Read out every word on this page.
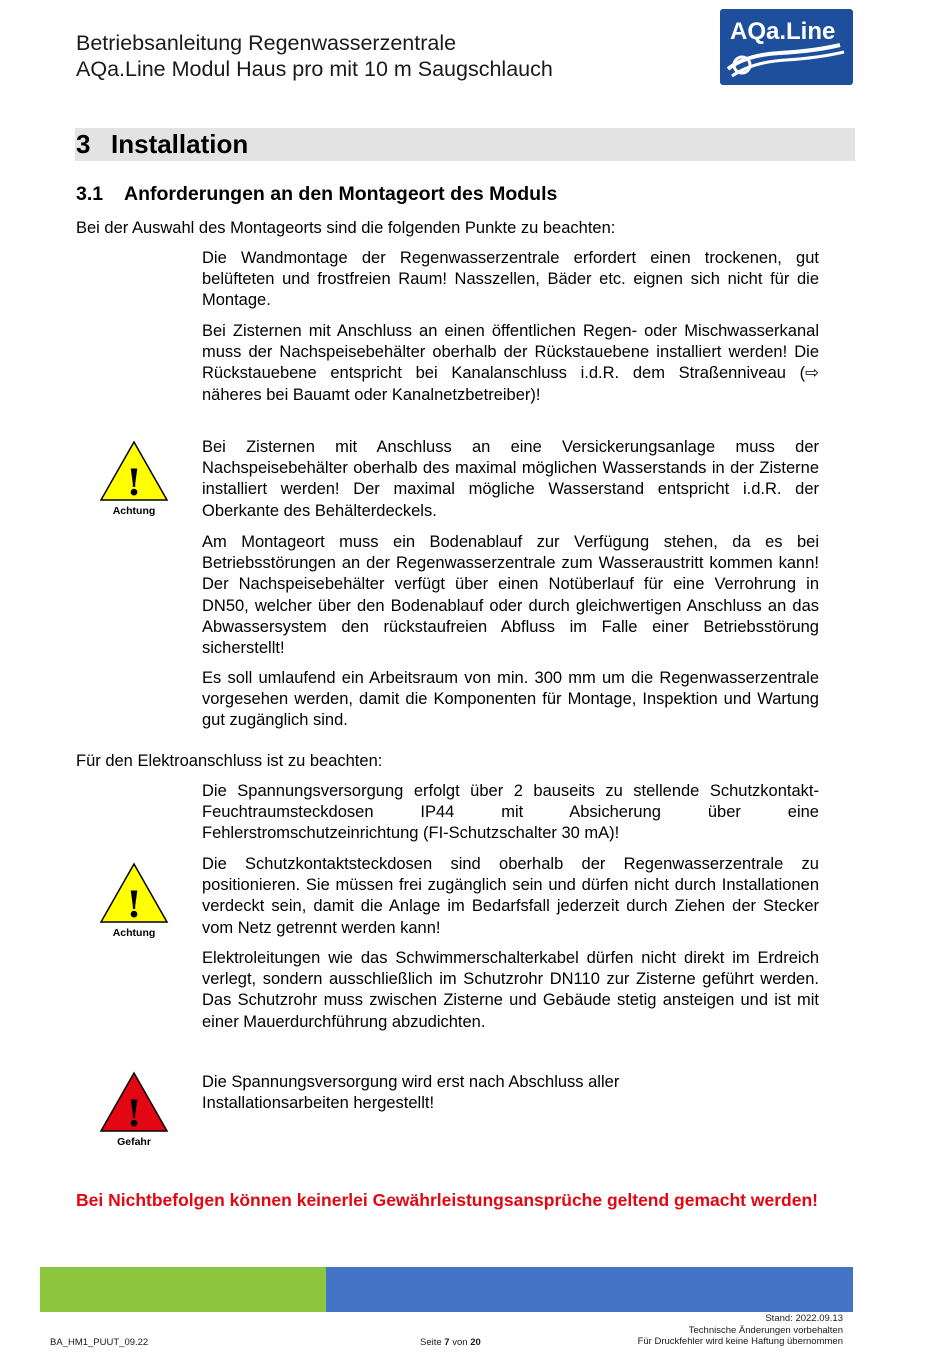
Betriebsanleitung Regenwasserzentrale
AQa.Line Modul Haus pro mit 10 m Saugschlauch
AQa.Line
3 Installation
3.1 Anforderungen an den Montageort des Moduls
Bei der Auswahl des Montageorts sind die folgenden Punkte zu beachten:

Die Wandmontage der Regenwasserzentrale erfordert einen trockenen, gut belüfteten und frostfreien Raum! Nasszellen, Bäder etc. eignen sich nicht für die Montage.

Bei Zisternen mit Anschluss an einen öffentlichen Regen- oder Mischwasserkanal muss der Nachspeisebehälter oberhalb der Rückstauebene installiert werden! Die Rückstauebene entspricht bei Kanalanschluss i.d.R. dem Straßenniveau (⇨ näheres bei Bauamt oder Kanalnetzbetreiber)!

Bei Zisternen mit Anschluss an eine Versickerungsanlage muss der Nachspeisebehälter oberhalb des maximal möglichen Wasserstands in der Zisterne installiert werden! Der maximal mögliche Wasserstand entspricht i.d.R. der Oberkante des Behälterdeckels.

Am Montageort muss ein Bodenablauf zur Verfügung stehen, da es bei Betriebsstörungen an der Regenwasserzentrale zum Wasseraustritt kommen kann! Der Nachspeisebehälter verfügt über einen Notüberlauf für eine Verrohrung in DN50, welcher über den Bodenablauf oder durch gleichwertigen Anschluss an das Abwassersystem den rückstaufreien Abfluss im Falle einer Betriebsstörung sicherstellt!

Es soll umlaufend ein Arbeitsraum von min. 300 mm um die Regenwasserzentrale vorgesehen werden, damit die Komponenten für Montage, Inspektion und Wartung gut zugänglich sind.

!
Achtung
Für den Elektroanschluss ist zu beachten:

Die Spannungsversorgung erfolgt über 2 bauseits zu stellende Schutzkontakt-Feuchtraumsteckdosen IP44 mit Absicherung über eine Fehlerstromschutzeinrichtung (FI-Schutzschalter 30 mA)!

Die Schutzkontaktsteckdosen sind oberhalb der Regenwasserzentrale zu positionieren. Sie müssen frei zugänglich sein und dürfen nicht durch Installationen verdeckt sein, damit die Anlage im Bedarfsfall jederzeit durch Ziehen der Stecker vom Netz getrennt werden kann!

Elektroleitungen wie das Schwimmerschalterkabel dürfen nicht direkt im Erdreich verlegt, sondern ausschließlich im Schutzrohr DN110 zur Zisterne geführt werden. Das Schutzrohr muss zwischen Zisterne und Gebäude stetig ansteigen und ist mit einer Mauerdurchführung abzudichten.

!
Achtung
Die Spannungsversorgung wird erst nach Abschluss aller
Installationsarbeiten hergestellt!
!
Gefahr
Bei Nichtbefolgen können keinerlei Gewährleistungsansprüche geltend gemacht werden!
Stand: 2022.09.13
Technische Änderungen vorbehalten
Für Druckfehler wird keine Haftung übernommen
BA_HM1_PUUT_09.22	Seite 7 von 20
